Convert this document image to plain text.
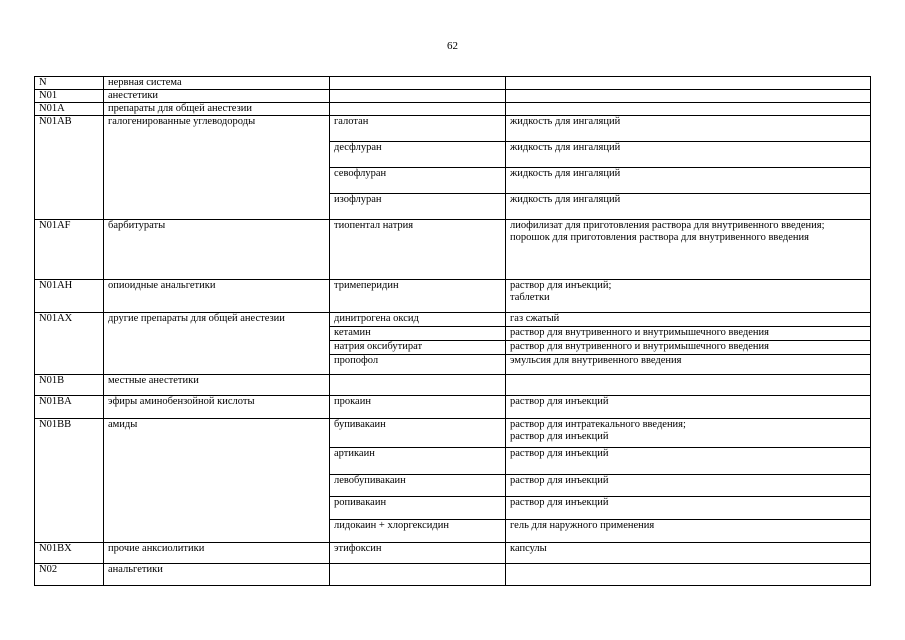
62
N	нервная система		
N01	анестетики		
N01A	препараты для общей анестезии		
N01AB	галогенированные углеводороды	галотан	жидкость для ингаляций
		десфлуран	жидкость для ингаляций
		севофлуран	жидкость для ингаляций
		изофлуран	жидкость для ингаляций
N01AF	барбитураты	тиопентал натрия	лиофилизат для приготовления раствора для внутривенного введения;
порошок для приготовления раствора для внутривенного введения

N01AH	опиоидные анальгетики	тримеперидин	раствор для инъекций;
таблетки

N01AX	другие препараты для общей анестезии	динитрогена оксид	газ сжатый
		кетамин	раствор для внутривенного и внутримышечного введения
		натрия оксибутират	раствор для внутривенного и внутримышечного введения
		пропофол	эмульсия для внутривенного введения
N01B	местные анестетики		
N01BA	эфиры аминобензойной кислоты	прокаин	раствор для инъекций
N01BB	амиды	бупивакаин	раствор для интратекального введения;
раствор для инъекций

		артикаин	раствор для инъекций
		левобупивакаин	раствор для инъекций
		ропивакаин	раствор для инъекций
		лидокаин + хлоргексидин	гель для наружного применения
N01BX	прочие анксиолитики	этифоксин	капсулы
N02	анальгетики		
